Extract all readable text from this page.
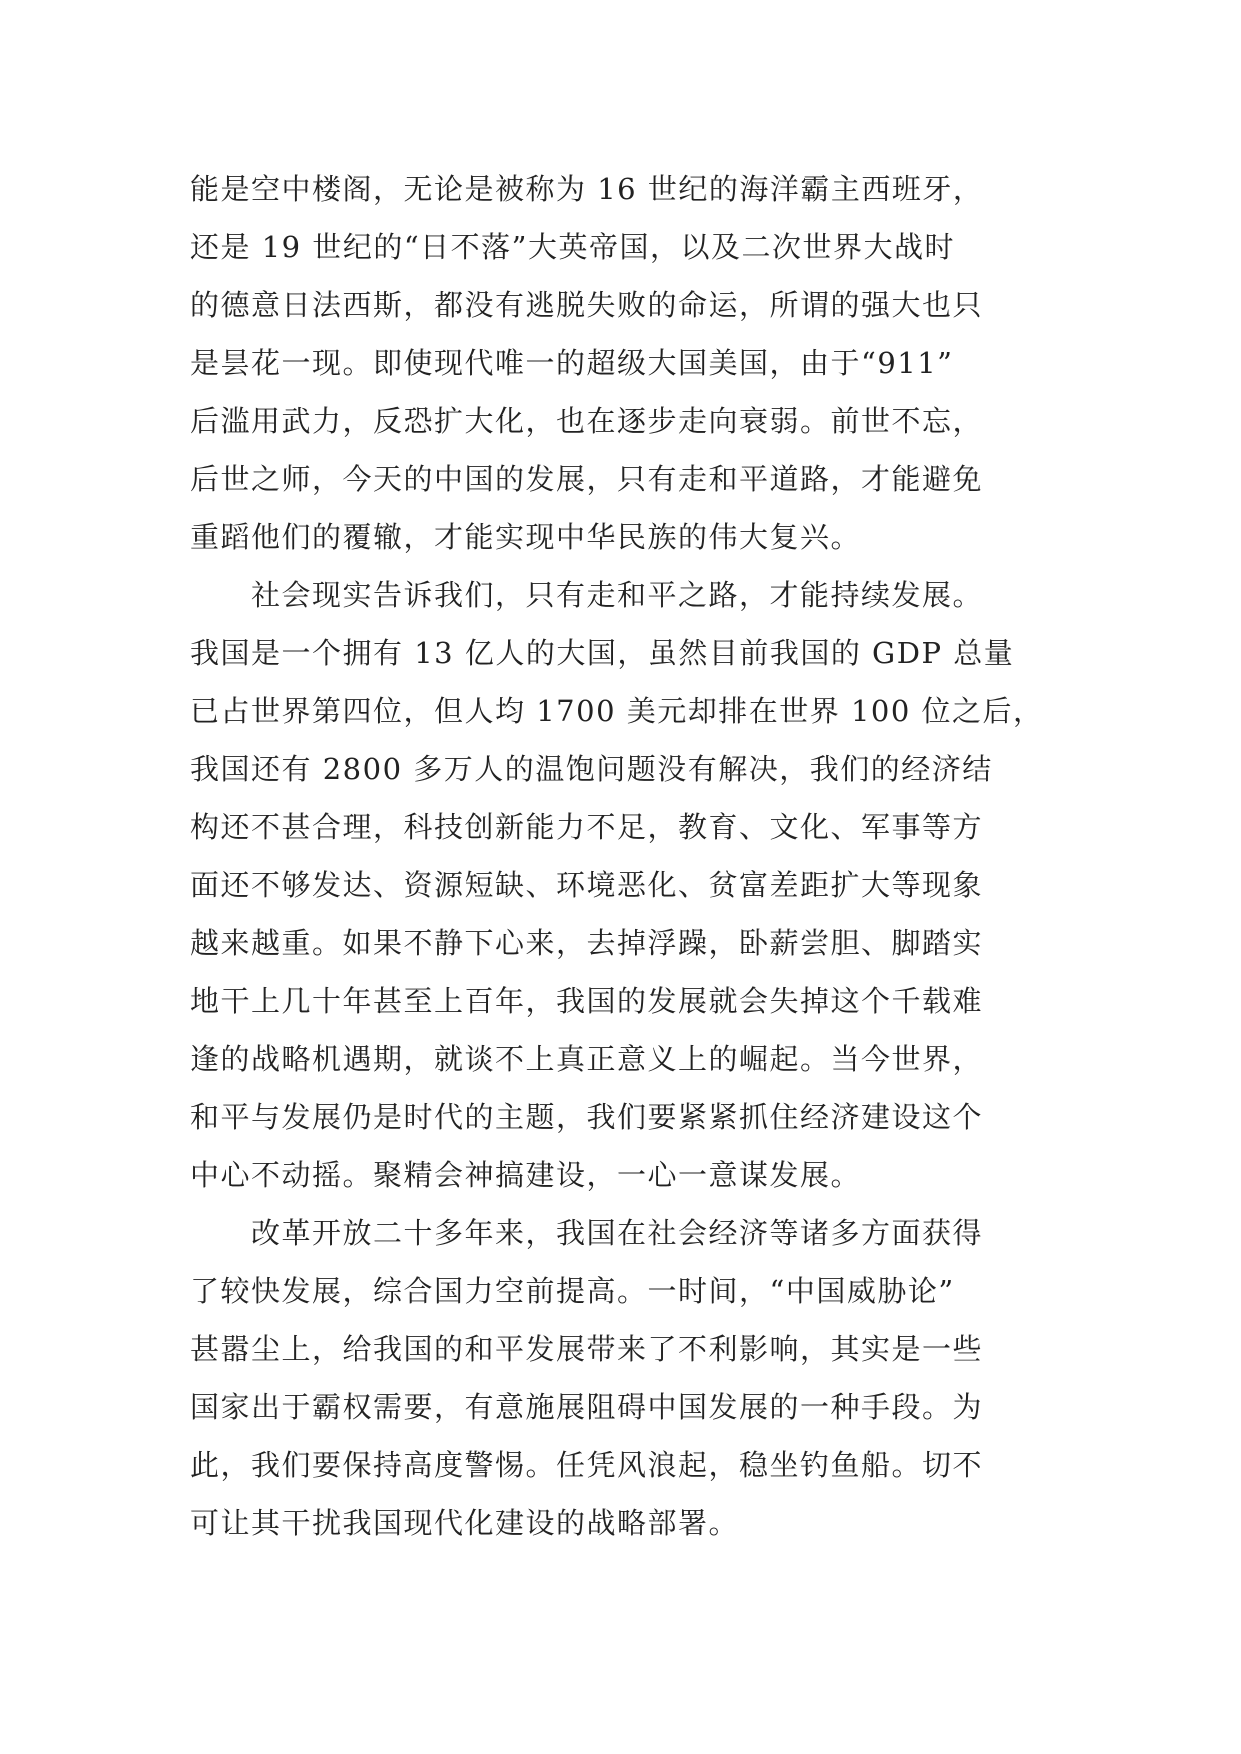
能是空中楼阁，无论是被称为 16 世纪的海洋霸主西班牙，
还是 19 世纪的“日不落”大英帝国，以及二次世界大战时
的德意日法西斯，都没有逃脱失败的命运，所谓的强大也只
是昙花一现。即使现代唯一的超级大国美国，由于“911”
后滥用武力，反恐扩大化，也在逐步走向衰弱。前世不忘，
后世之师，今天的中国的发展，只有走和平道路，才能避免
重蹈他们的覆辙，才能实现中华民族的伟大复兴。
　　社会现实告诉我们，只有走和平之路，才能持续发展。
我国是一个拥有 13 亿人的大国，虽然目前我国的 GDP 总量
已占世界第四位，但人均 1700 美元却排在世界 100 位之后，
我国还有 2800 多万人的温饱问题没有解决，我们的经济结
构还不甚合理，科技创新能力不足，教育、文化、军事等方
面还不够发达、资源短缺、环境恶化、贫富差距扩大等现象
越来越重。如果不静下心来，去掉浮躁，卧薪尝胆、脚踏实
地干上几十年甚至上百年，我国的发展就会失掉这个千载难
逢的战略机遇期，就谈不上真正意义上的崛起。当今世界，
和平与发展仍是时代的主题，我们要紧紧抓住经济建设这个
中心不动摇。聚精会神搞建设，一心一意谋发展。
　　改革开放二十多年来，我国在社会经济等诸多方面获得
了较快发展，综合国力空前提高。一时间，“中国威胁论”
甚嚣尘上，给我国的和平发展带来了不利影响，其实是一些
国家出于霸权需要，有意施展阻碍中国发展的一种手段。为
此，我们要保持高度警惕。任凭风浪起，稳坐钓鱼船。切不
可让其干扰我国现代化建设的战略部署。
